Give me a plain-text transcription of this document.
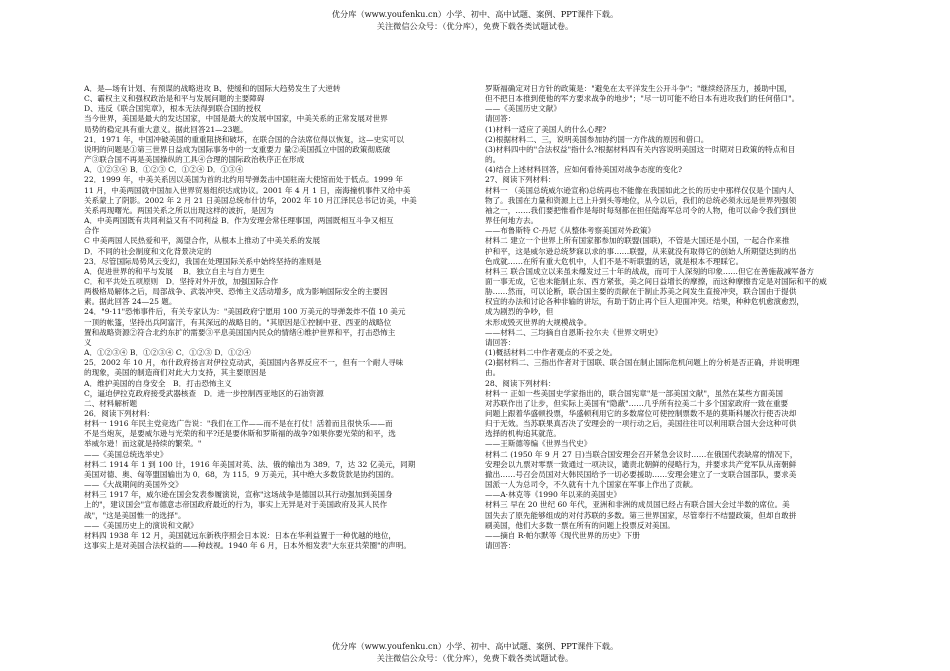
优分库（www.youfenku.cn）小学、初中、高中试题、案例、PPT课件下载。
关注微信公众号：（优分库），免费下载各类试题试卷。

A．是—场有计划、有预谋的战略进攻 B、使缓和的国际大趋势发生了大逆转

C、霸权主义和强权政治是和平与发展问题的主要障碍

D、违反《联合国宪章》，根本无法得到联合国的授权

当今世界，美国是最大的发达国家，中国是最大的发展中国家，中美关系的正常发展对世界

局势的稳定具有重大意义。据此回答21—23题。

21．1971 年，中国冲破美国的重重阻挠和破坏，在联合国的合法席位得以恢复，这—史实可以

说明的问题是①第三世界日益成为国际事务中的一支重要力 量②美国孤立中国的政策彻底破

产③联合国不再是美国操纵的工具④合理的国际政治秩序正在形成

A．①②③④ B．①②③ C．①②④ D．①③④

22．1999 年，中美关系因以美国为首的北约用导弹轰击中国驻南大使馆而处于低点。1999 年

11 月，中美两国就中国加入世界贸易组织达成协议。2001 年 4 月 1 日，南海撞机事件又给中美

关系蒙上了阴影。2002 年 2 月 21 日美国总统布什访华，2002 年 10 月江泽民总书记访美，中美

关系再现曙光。两国关系之所以出现这样的波折，是因为

A．中美两国既有共同利益又有不同利益 B．作为安理会常任理事国，两国既相互斗争又相互

合作

C 中美两国人民热爱和平，渴望合作，从根本上推动了中美关系的发展

D．不同的社会制度和文化背景决定的

23．尽管国际局势风云变幻，我国在处理国际关系中始终坚持的准则是

A．促进世界的和平与发展　 B．独立自主与自力更生

C．和平共处五项原则　D．坚持对外开放，加强国际合作

两极格局解体之后，局部战争、武装冲突、恐怖主义活动增多，成为影响国际安全的主要因

素。据此回答 24—25 题。

24．"9·11"恐怖事件后，有关专家认为："美国政府宁愿用 100 万美元的导弹轰炸不值 10 美元

一顶的帐篷，坚持出兵阿富汗，有其深远的战略目的。"其原因是①控制中亚、西亚的战略位

置和战略资源②符合北约东扩的需要③平息美国国内民众的情绪④维护世界和平，打击恐怖主

义

A．①②③④ B．①②③④ C．①②③ D．①②④

25．2002 年 10 月，布什政府扬言对伊拉克动武，美国国内各界反应不一，但有一个耐人寻味

的现象，美国的制造商们对此大力支持，其主要原因是

A．维护美国的自身安全　B．打击恐怖主义

C，逼迫伊拉克政府接受武器核查　D．进一步控制西亚地区的石油资源

二、材料解析题

26．阅读下列材料：

材料一 1916 年民主党竞选广告说："我们在工作——而不是在打仗！活着而且很快乐——而

不是当炮灰，是要威尔逊与光荣的和平?还是要休斯和罗斯福的战争?如果你要光荣的和平，选

举威尔逊！而这就是持续的繁荣。"

——《美国总统选举史》

材料二 1914 年 1 到 100 计，1916 年美国对英、法、俄的输出为 389．7，达 32 亿美元，同期

美国对德、奥、匈等盟国输出为 0．68，为 115．9 万美元，其中绝大多数货款是协约国的。

——《大战期间的美国外交》

材料三 1917 年，威尔逊在国会发表参履演说，宣称"这场战争是德国以其行动强加到美国身

上的"，建议国会"宣布德意志帝国政府最近的行为，事实上无异是对于美国政府及其人民作

战"，"这是美国惟一的选择"。

——《美国历史上的演说和文献》

材料四 1938 年 12 月，美国就远东新秩序照会日本说：日本在华利益置于一种优越的地位，

这事实上是对美国合法权益的——种歧视。1940 年 6 月，日本外相发表"大东亚共荣圈"的声明。

罗斯福确定对日方针的政策是："避免在太平洋发生公开斗争"；"继续经济压力，援助中国，

但不把日本推到使他的军方要求战争的地步"；"尽一切可能不给日本有进攻我们的任何借口"。

——《美国历史文献》

请回答：

(1)材料一适应了美国人的什么心理?

(2)根据材料二、三，说明美国参加协约国一方作战的原因和借口。

(3)材料四中的"合法权益"指什么?根据材料四有关内容说明美国这一时期对日政策的特点和目

的。

(4)结合上述材料回答，应如何看待美国对战争态度的变化?

27、阅读下列材料：

材料一 （美国总统威尔逊宣称)总统再也不能像在我国如此之长的历史中那样仅仅是个国内人

物了。我国在力量和资源上已上升到头等地位，从今以后，我们的总统必须永远是世界列强领

袖之一，……我们要把惟看作是每时每刻都在担任陆海军总司令的人物，他可以命令我们到世

界任何地方去。

——布鲁斯特 C·丹尼《从整体考察美国对外政策》

材料二 建立一个世界上所有国家都参加的联盟(国联)，不管是大国还是小国，一起合作来推

护和平，这是威尔逊总统梦寐以求的事……联盟，从来就没有取得它的创始人所期望达到的出

色成就……在所有重大危机中，人们不是不听联盟的话，就是根本不理睬它。

材料三 联合国成立以来虽未爆发过三十年的战战，而可于人深刻的印象……但它在善施裁减军备方

面一事无成，它也未能制止东、西方紧张，美之间日益增长的摩擦，而这种摩擦肯定是对国际和平的威

胁……然而，可以论断，联合国主要的贡献在于制止苏美之间发生直接冲突，联合国由于提供

权宜的办法和讨论各种非输的讲坛，有助于防止再个巨人迎面冲突。结果，种种危机愈演愈烈，

成为剧烈的争吵，但

未形成毁灭世界的大规模战争。

——材料二、三均摘自自恩斯·拉尔夫《世界文明史》

请回答：

(1)概括材料二中作者观点的不妥之处。

(2)据材料二、三指出作者对于国联、联合国在制止国际危机问题上的分析是否正确，并说明理

由。

28、阅读下列材料：

材料一 正如一些美国史学家指出的，联合国宪章"是一部美国文献"，虽然在某些方面美国

对苏联作出了让步，但实际上美国有"隐蔽"……几乎所有拉美二十多个国家政府一致在重要

问题上跟着华盛顿投票，华盛顿利用它的多数席位可使控制票数不是的莫斯科屡次行使否决却

归于无效。当苏联果真否决了安理会的一项行动之后，美国往往可以利用联合国大会这种可供

选择的机构追其就范。

——王斯德等编《世界当代史》

材料二 (1950 年 9 月 27 日)当联合国安理会召开紧急会议时……在俄国代表缺席的情况下，

安理会以九票对零票一致通过一项决议，谴责北朝鲜的侵略行为，并要求共产党军队从南朝鲜

撤出……号召会员国对大韩民国给予一切必要援助……安理会建立了一支联合国部队，要求美

国派一人为总司令，不久就有十九个国家在军事上作出了贡献。

——A·林克等《1990 年以来的美国史》

材料三 早在 20 世纪 60 年代，亚洲和非洲的成员国已经占有联合国大会过半数的席位。美

国失去了原先能够组成的对付苏联的多数。第三世界国家，尽管奉行不结盟政策，但却自敢拼

刷美国，他们大多数一票在所有的问题上投票反对美国。

——摘自 R·帕尔默等《现代世界的历史》下册

请回答：

优分库（www.youfenku.cn）小学、初中、高中试题、案例、PPT课件下载。
关注微信公众号：（优分库），免费下载各类试题试卷。
